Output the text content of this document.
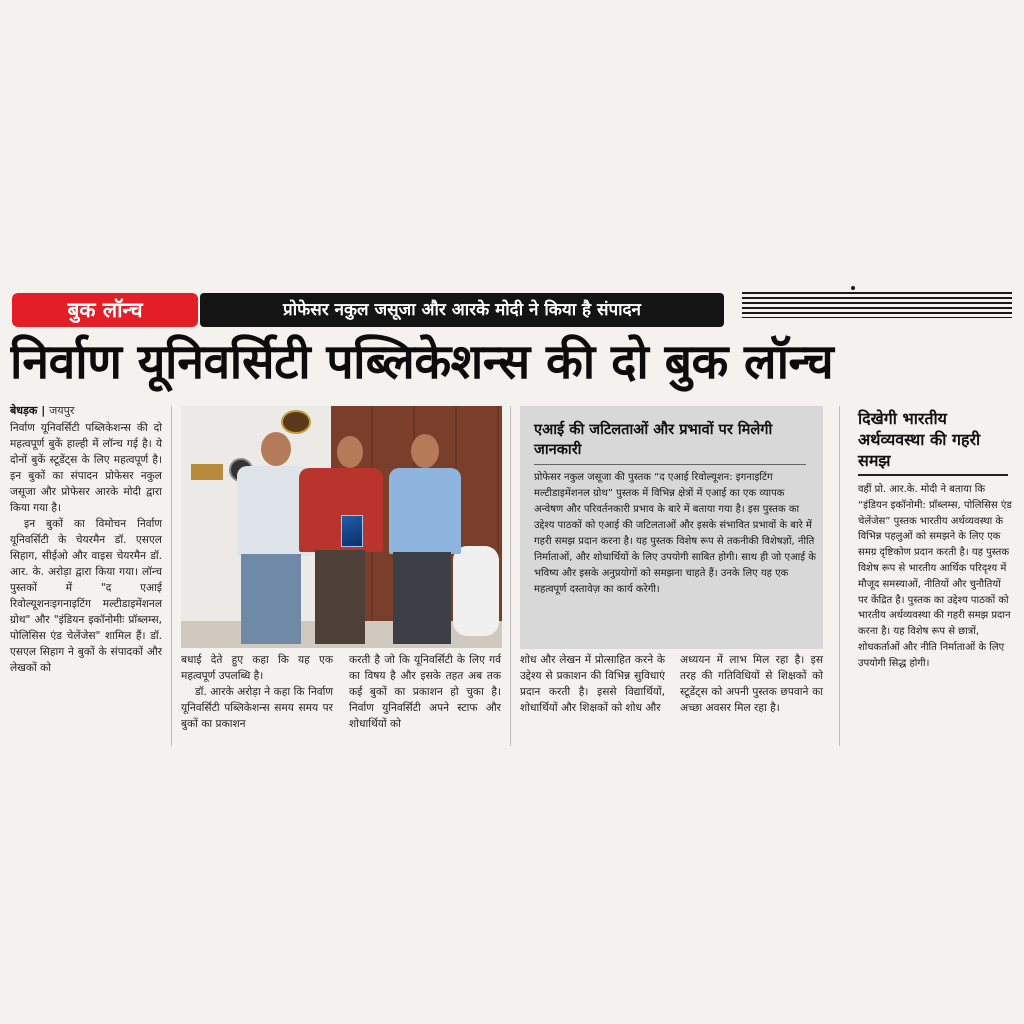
बुक लॉन्च	प्रोफेसर नकुल जसूजा और आरके मोदी ने किया है संपादन
निर्वाण यूनिवर्सिटी पब्लिकेशन्स की दो बुक लॉन्च
बेधड़क | जयपुर

निर्वाण यूनिवर्सिटी पब्लिकेशन्स की दो महत्वपूर्ण बुकें हाल्ही में लॉन्च गई है। ये दोनों बुकें स्टूडेंट्स के लिए महत्वपूर्ण है। इन बुकों का संपादन प्रोफेसर नकुल जसूजा और प्रोफेसर आरके मोदी द्वारा किया गया है।

इन बुकों का विमोचन निर्वाण यूनिवर्सिटी के चेयरमैन डॉ. एसएल सिहाग, सीईओ और वाइस चेयरमैन डॉ. आर. के. अरोड़ा द्वारा किया गया। लॉन्च पुस्तकों में "द एआई रिवोल्यूशनःइगनाइटिंग मल्टीडाइमेंशनल ग्रोथ" और "इंडियन इकॉनोमीः प्रॉब्लम्स, पोलिसिस एंड चेलेंजेस" शामिल हैं। डॉ. एसएल सिहाग ने बुकों के संपादकों और लेखकों को

बधाई देते हुए कहा कि यह एक महत्वपूर्ण उपलब्धि है।

डॉ. आरके अरोड़ा ने कहा कि निर्वाण यूनिवर्सिटी पब्लिकेशन्स समय समय पर बुकों का प्रकाशन

करती है जो कि यूनिवर्सिटी के लिए गर्व का विषय है और इसके तहत अब तक कई बुकों का प्रकाशन हो चुका है। निर्वाण युनिवर्सिटी अपने स्टाफ और शोधार्थियों को

एआई की जटिलताओं और प्रभावों पर मिलेगी जानकारी
प्रोफेसर नकुल जसूजा की पुस्तक “द एआई रिवोल्यूशन: इगनाइटिंग मल्टीडाइमेंशनल ग्रोथ” पुस्तक में विभिन्न क्षेत्रों में एआई का एक व्यापक अन्वेषण और परिवर्तनकारी प्रभाव के बारे में बताया गया है। इस पुस्तक का उद्देश्य पाठकों को एआई की जटिलताओं और इसके संभावित प्रभावों के बारे में गहरी समझ प्रदान करना है। यह पुस्तक विशेष रूप से तकनीकी विशेषज्ञों, नीति निर्माताओं, और शोधार्थियों के लिए उपयोगी साबित होगी। साथ ही जो एआई के भविष्य और इसके अनुप्रयोगों को समझना चाहते हैं। उनके लिए यह एक महत्वपूर्ण दस्तावेज़ का कार्य करेगी।

शोध और लेखन में प्रोत्साहित करने के उद्देश्य से प्रकाशन की विभिन्न सुविधाएं प्रदान करती है। इससे विद्यार्थियों, शोधार्थियों और शिक्षकों को शोध और

अध्ययन में लाभ मिल रहा है। इस तरह की गतिविधियों से शिक्षकों को स्टूडेंट्स को अपनी पुस्तक छपवाने का अच्छा अवसर मिल रहा है।

दिखेगी भारतीय अर्थव्यवस्था की गहरी समझ
वहीं प्रो. आर.के. मोदी ने बताया कि “इंडियन इकॉनोमी: प्रॉब्लम्स, पोलिसिस एंड चेलेंजेस” पुस्तक भारतीय अर्थव्यवस्था के विभिन्न पहलुओं को समझने के लिए एक समग्र दृष्टिकोण प्रदान करती है। यह पुस्तक विशेष रूप से भारतीय आर्थिक परिदृश्य में मौजूद समस्याओं, नीतियों और चुनौतियों पर केंद्रित है। पुस्तक का उद्देश्य पाठकों को भारतीय अर्थव्यवस्था की गहरी समझ प्रदान करना है। यह विशेष रूप से छात्रों, शोधकर्ताओं और नीति निर्माताओं के लिए उपयोगी सिद्ध होगी।
